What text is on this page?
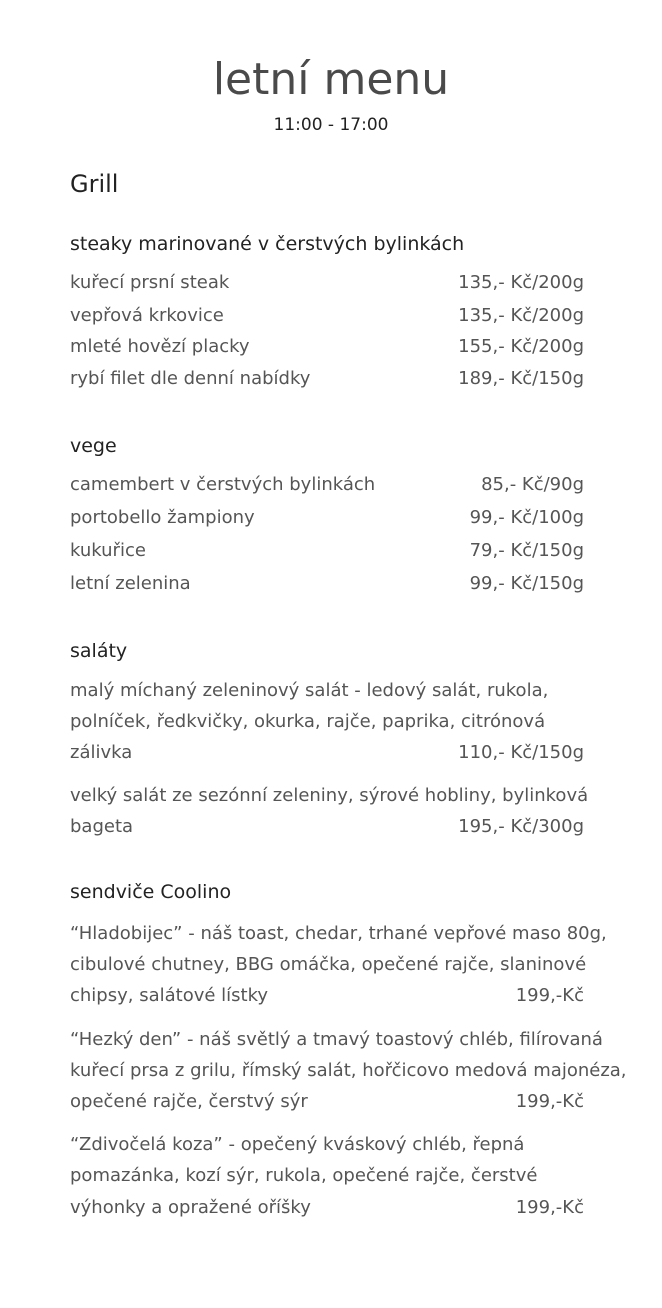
letní menu
11:00 - 17:00
Grill
steaky marinované v čerstvých bylinkách
kuřecí prsní steak	135,- Kč/200g
vepřová krkovice	135,- Kč/200g
mleté hovězí placky	155,- Kč/200g
rybí filet dle denní nabídky	189,- Kč/150g
vege
camembert v čerstvých bylinkách	85,- Kč/90g
portobello žampiony	99,- Kč/100g
kukuřice	79,- Kč/150g
letní zelenina	99,- Kč/150g
saláty
malý míchaný zeleninový salát - ledový salát, rukola,
polníček, ředkvičky, okurka, rajče, paprika, citrónová
zálivka	110,- Kč/150g
velký salát ze sezónní zeleniny, sýrové hobliny, bylinková
bageta	195,- Kč/300g
sendviče Coolino
“Hladobijec” - náš toast, chedar, trhané vepřové maso 80g,
cibulové chutney, BBG omáčka, opečené rajče, slaninové
chipsy, salátové lístky	199,-Kč
“Hezký den” - náš světlý a tmavý toastový chléb, filírovaná
kuřecí prsa z grilu, římský salát, hořčicovo medová majonéza,
opečené rajče, čerstvý sýr	199,-Kč
“Zdivočelá koza” - opečený kváskový chléb, řepná
pomazánka, kozí sýr, rukola, opečené rajče, čerstvé
výhonky a opražené oříšky	199,-Kč
